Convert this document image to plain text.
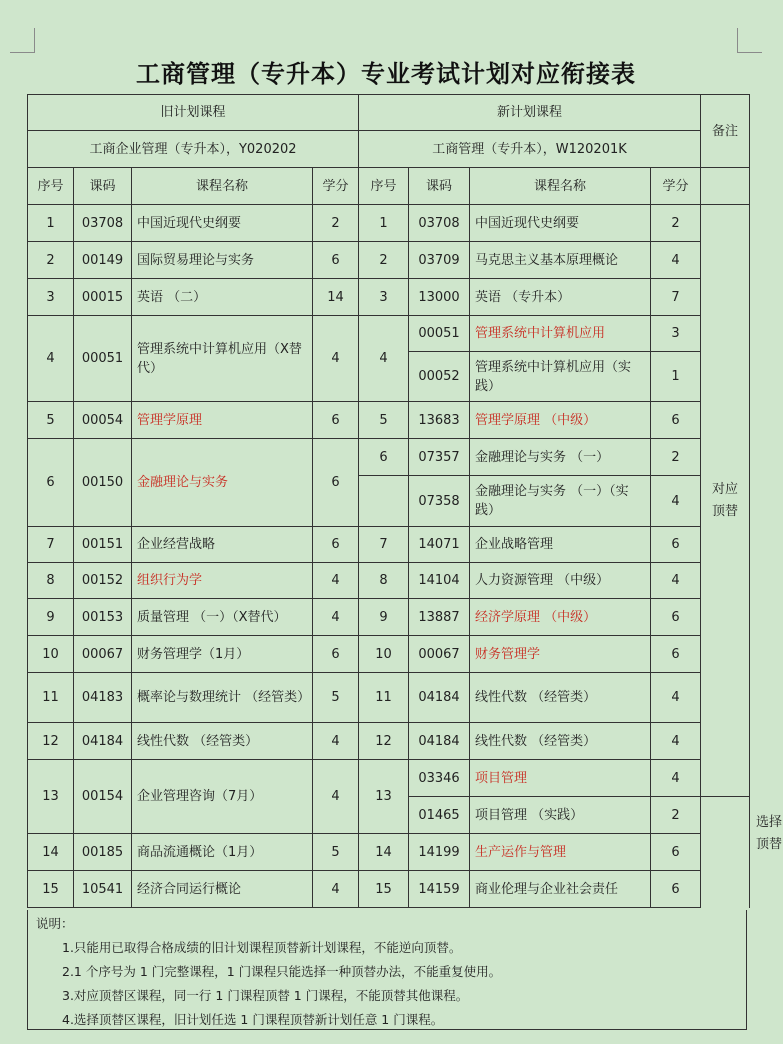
工商管理（专升本）专业考试计划对应衔接表
旧计划课程				新计划课程				备注	
工商企业管理（专升本），Y020202				工商管理（专升本），W120201K					
序号	课码	课程名称	学分	序号	课码	课程名称	学分		
1	03708	中国近现代史纲要	2	1	03708	中国近现代史纲要	2	对应顶替	
2	00149	国际贸易理论与实务	6	2	03709	马克思主义基本原理概论	4		
3	00015	英语 （二）	14	3	13000	英语 （专升本）	7		
4	00051	管理系统中计算机应用（X替代）	4	4	00051	管理系统中计算机应用	3		
					00052	管理系统中计算机应用（实践）	1		
5	00054	管理学原理	6	5	13683	管理学原理 （中级）	6		
6	00150	金融理论与实务	6	6	07357	金融理论与实务 （一）	2		
					07358	金融理论与实务 （一）（实践）	4		
7	00151	企业经营战略	6	7	14071	企业战略管理	6		
8	00152	组织行为学	4	8	14104	人力资源管理 （中级）	4		
9	00153	质量管理 （一）（X替代）	4	9	13887	经济学原理 （中级）	6		
10	00067	财务管理学（1月）	6	10	00067	财务管理学	6		
11	04183	概率论与数理统计 （经管类）	5	11	04184	线性代数 （经管类）	4		
12	04184	线性代数 （经管类）	4	12	04184	线性代数 （经管类）	4		
13	00154	企业管理咨询（7月）	4	13	03346	项目管理	4		选择顶替
					01465	项目管理 （实践）	2		
14	00185	商品流通概论（1月）	5	14	14199	生产运作与管理	6		
15	10541	经济合同运行概论	4	15	14159	商业伦理与企业社会责任	6		
说明：
1.只能用已取得合格成绩的旧计划课程顶替新计划课程，不能逆向顶替。
2.1 个序号为 1 门完整课程，1 门课程只能选择一种顶替办法，不能重复使用。
3.对应顶替区课程，同一行 1 门课程顶替 1 门课程，不能顶替其他课程。
4.选择顶替区课程，旧计划任选 1 门课程顶替新计划任意 1 门课程。
